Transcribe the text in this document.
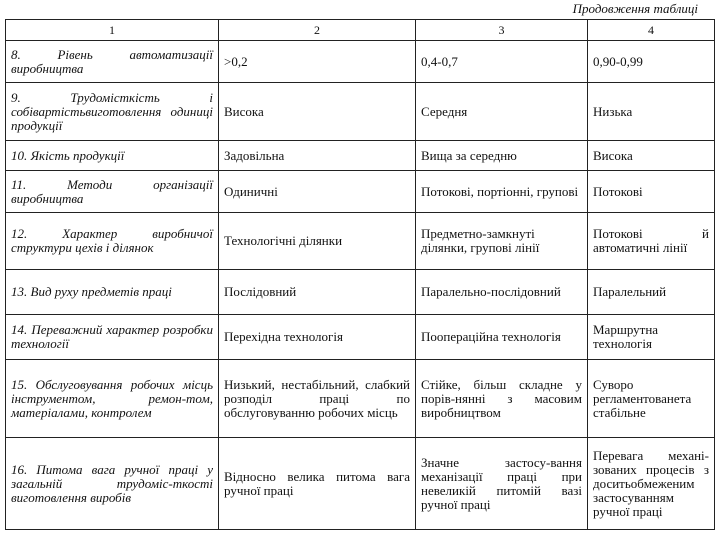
Продовження таблиці
1	2	3	4
8. Рівень автоматизації виробництва	>0,2	0,4-0,7	0,90-0,99
9. Трудомісткість і собівартістьвиготовлення одиниці продукції	Висока	Середня	Низька
10. Якість продукції	Задовільна	Вища за середню	Висока
11. Методи організації виробництва	Одиничні	Потокові, портіонні, групові	Потокові
12. Характер виробничої структури цехів і ділянок	Технологічні ділянки	Предметно-замкнуті ділянки, групові лінії	Потокові й автоматичні лінії
13. Вид руху предметів праці	Послідовний	Паралельно-послідовний	Паралельний
14. Переважний характер розробки технології	Перехідна технологія	Поопераційна технологія	Маршрутна технологія
15. Обслуговування робочих місць інструментом, ремон-том, матеріалами, контролем	Низький, нестабільний, слабкий розподіл праці по обслуговуванню робочих місць	Стійке, більш складне у порів-нянні з масовим виробництвом	Суворо регламентованета стабільне
16. Питома вага ручної праці у загальній трудоміс-ткості виготовлення виробів	Відносно велика питома вага ручної праці	Значне застосу-вання механізації праці при невеликій питомій вазі ручної праці	Перевага механі-зованих процесів з доситьобмеженим застосуванням ручної праці
